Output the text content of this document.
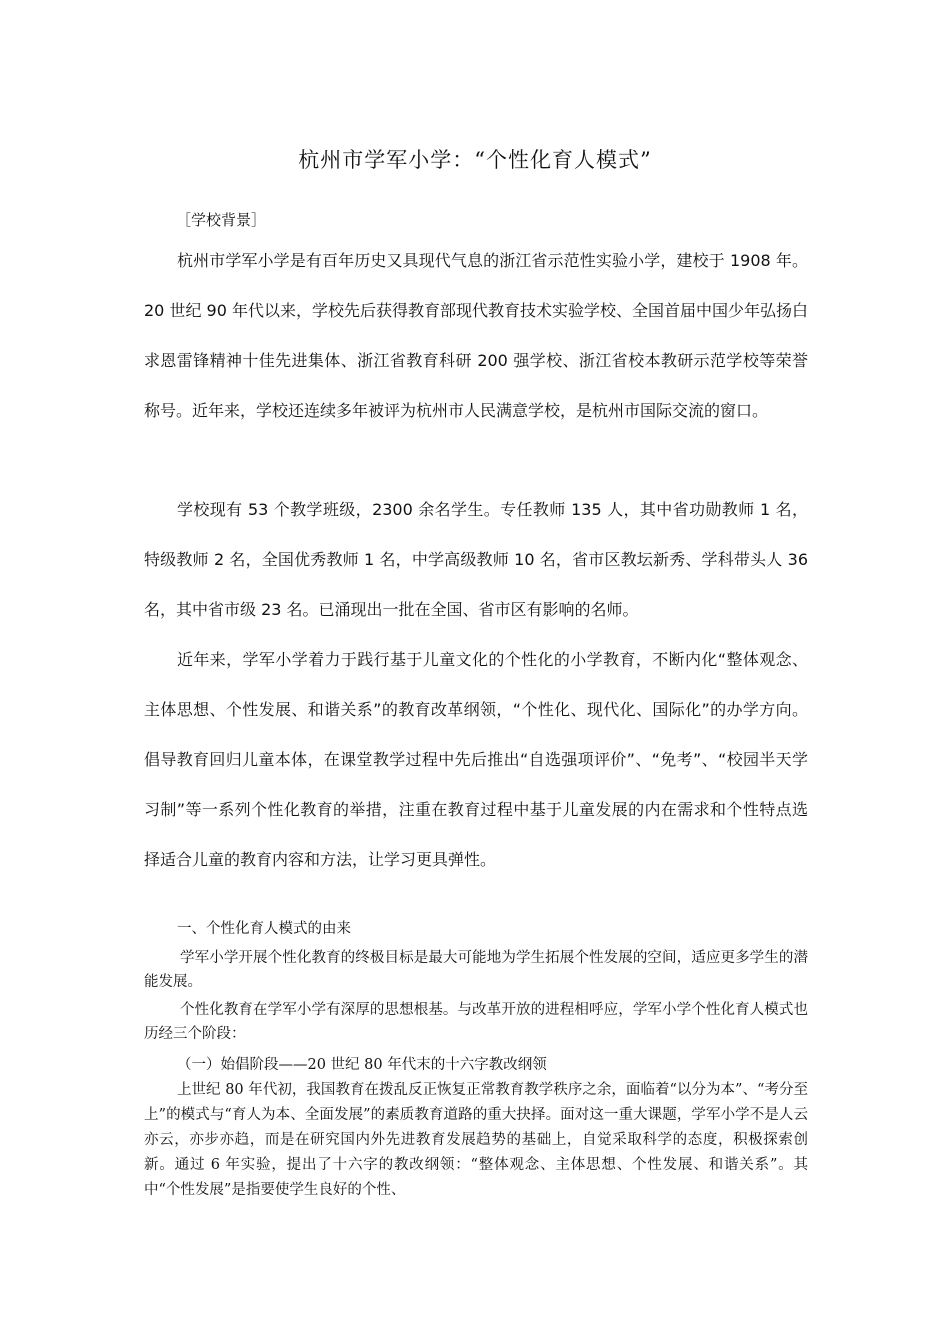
杭州市学军小学：“个性化育人模式”
［学校背景］

杭州市学军小学是有百年历史又具现代气息的浙江省示范性实验小学，建校于 1908 年。20 世纪 90 年代以来，学校先后获得教育部现代教育技术实验学校、全国首届中国少年弘扬白求恩雷锋精神十佳先进集体、浙江省教育科研 200 强学校、浙江省校本教研示范学校等荣誉称号。近年来，学校还连续多年被评为杭州市人民满意学校，是杭州市国际交流的窗口。

学校现有 53 个教学班级，2300 余名学生。专任教师 135 人，其中省功勋教师 1 名，特级教师 2 名，全国优秀教师 1 名，中学高级教师 10 名，省市区教坛新秀、学科带头人 36 名，其中省市级 23 名。已涌现出一批在全国、省市区有影响的名师。

近年来，学军小学着力于践行基于儿童文化的个性化的小学教育，不断内化“整体观念、主体思想、个性发展、和谐关系”的教育改革纲领，“个性化、现代化、国际化”的办学方向。倡导教育回归儿童本体，在课堂教学过程中先后推出“自选强项评价”、“免考”、“校园半天学习制”等一系列个性化教育的举措，注重在教育过程中基于儿童发展的内在需求和个性特点选择适合儿童的教育内容和方法，让学习更具弹性。

一、个性化育人模式的由来

学军小学开展个性化教育的终极目标是最大可能地为学生拓展个性发展的空间，适应更多学生的潜能发展。

个性化教育在学军小学有深厚的思想根基。与改革开放的进程相呼应，学军小学个性化育人模式也历经三个阶段：

（一）始倡阶段——20 世纪 80 年代末的十六字教改纲领

上世纪 80 年代初，我国教育在拨乱反正恢复正常教育教学秩序之余，面临着“以分为本”、“考分至上”的模式与“育人为本、全面发展”的素质教育道路的重大抉择。面对这一重大课题，学军小学不是人云亦云，亦步亦趋，而是在研究国内外先进教育发展趋势的基础上，自觉采取科学的态度，积极探索创新。通过 6 年实验，提出了十六字的教改纲领：“整体观念、主体思想、个性发展、和谐关系”。其中“个性发展”是指要使学生良好的个性、
